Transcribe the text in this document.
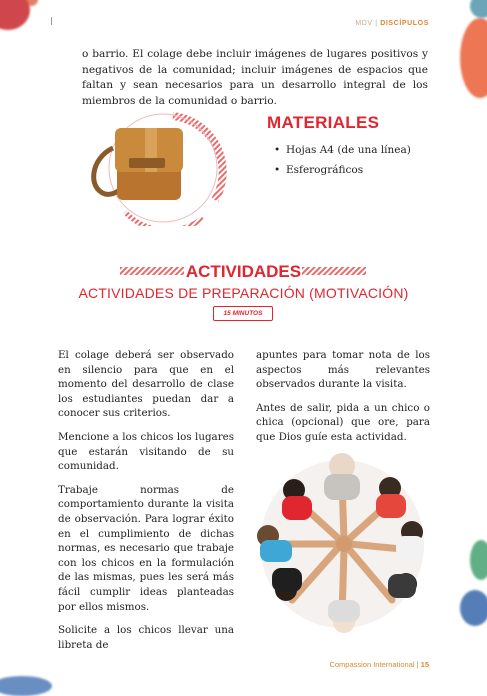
MDV | DISCÍPULOS
o barrio. El colage debe incluir imágenes de lugares positivos y negativos de la comunidad; incluir imágenes de espacios que faltan y sean necesarios para un desarrollo integral de los miembros de la comunidad o barrio.
MATERIALES
• Hojas A4 (de una línea)
• Esferográficos
ACTIVIDADES
ACTIVIDADES DE PREPARACIÓN (MOTIVACIÓN)
15 MINUTOS

El colage deberá ser observado en silencio para que en el momento del desarrollo de clase los estudiantes puedan dar a conocer sus criterios.

Mencione a los chicos los lugares que estarán visitando de su comunidad.

Trabaje normas de comportamiento durante la visita de observación. Para lograr éxito en el cumplimiento de dichas normas, es necesario que trabaje con los chicos en la formulación de las mismas, pues les será más fácil cumplir ideas planteadas por ellos mismos.

Solicite a los chicos llevar una libreta de

apuntes para tomar nota de los aspectos más relevantes observados durante la visita.

Antes de salir, pida a un chico o chica (opcional) que ore, para que Dios guíe esta actividad.

Compassion International | 15
